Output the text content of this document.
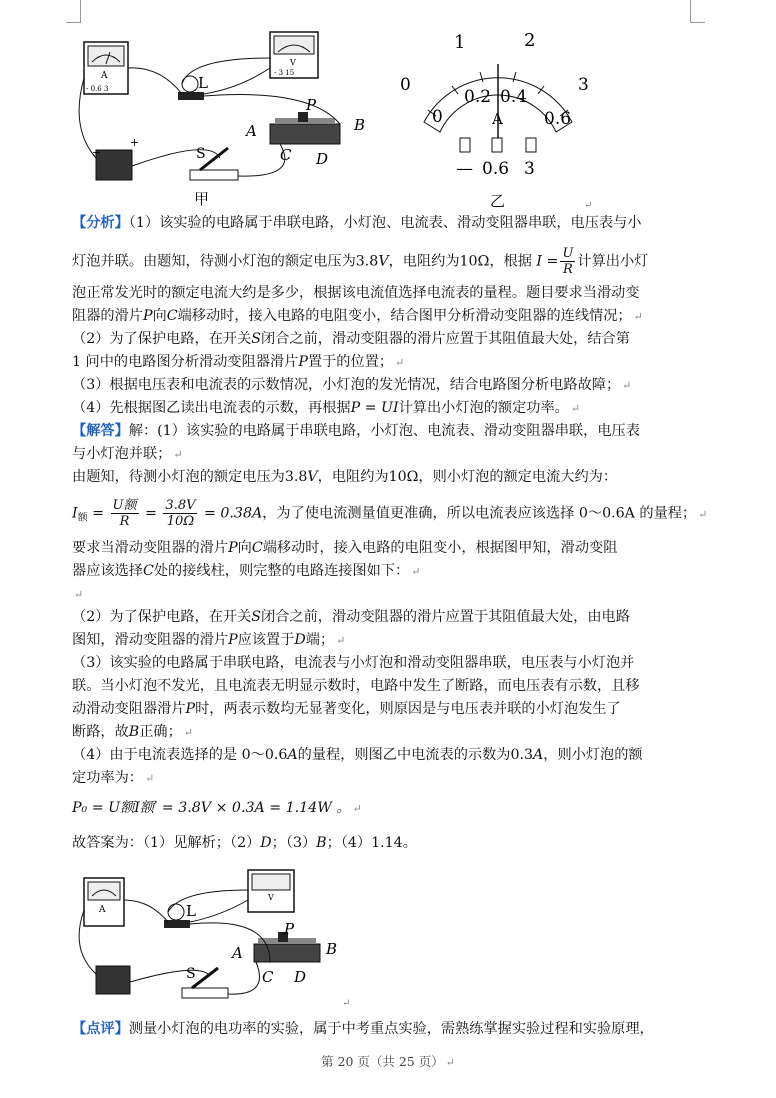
A
- 0.6 3
V
- 3 15
L
−
+
S
P
A	B
C D
甲
1	2
0	3
0
0.2 0.4
0.6
A
— 0.6 3
乙	↵
【分析】（1）该实验的电路属于串联电路，小灯泡、电流表、滑动变阻器串联，电压表与小
灯泡并联。由题知，待测小灯泡的额定电压为3.8V，电阻约为10Ω，根据 $I = \frac{U}{R}$ 计算出小灯
泡正常发光时的额定电流大约是多少，根据该电流值选择电流表的量程。题目要求当滑动变
阻器的滑片P向C端移动时，接入电路的电阻变小，结合图甲分析滑动变阻器的连线情况； ↵
（2）为了保护电路，在开关S闭合之前，滑动变阻器的滑片应置于其阻值最大处，结合第
1 问中的电路图分析滑动变阻器滑片P置于的位置； ↵
（3）根据电压表和电流表的示数情况，小灯泡的发光情况，结合电路图分析电路故障； ↵
（4）先根据图乙读出电流表的示数，再根据P = UI计算出小灯泡的额定功率。 ↵
【解答】解：(1）该实验的电路属于串联电路，小灯泡、电流表、滑动变阻器串联，电压表
与小灯泡并联； ↵
由题知，待测小灯泡的额定电压为3.8V，电阻约为10Ω，则小灯泡的额定电流大约为：
$I_额 = \frac{\text{U额}}{R} = \frac{3.8V}{10\Omega} = 0.38A$，为了使电流测量值更准确，所以电流表应该选择 0～0.6A 的量程； ↵
要求当滑动变阻器的滑片P向C端移动时，接入电路的电阻变小，根据图甲知，滑动变阻
器应该选择C处的接线柱，则完整的电路连接图如下： ↵
↵
（2）为了保护电路，在开关S闭合之前，滑动变阻器的滑片应置于其阻值最大处，由电路
图知，滑动变阻器的滑片P应该置于D端； ↵
（3）该实验的电路属于串联电路，电流表与小灯泡和滑动变阻器串联，电压表与小灯泡并
联。当小灯泡不发光，且电流表无明显示数时，电路中发生了断路，而电压表有示数，且移
动滑动变阻器滑片P时，两表示数均无显著变化，则原因是与电压表并联的小灯泡发生了
断路，故B正确； ↵
（4）由于电流表选择的是 0～0.6A的量程，则图乙中电流表的示数为0.3A，则小灯泡的额
定功率为： ↵
P₀ = U额I额′ = 3.8V × 0.3A = 1.14W 。 ↵
故答案为：（1）见解析；（2）D；（3）B；（4）1.14。
A
V
L
S
P
A	B
C D
↵
【点评】测量小灯泡的电功率的实验，属于中考重点实验，需熟练掌握实验过程和实验原理，
第 20 页（共 25 页） ↵
